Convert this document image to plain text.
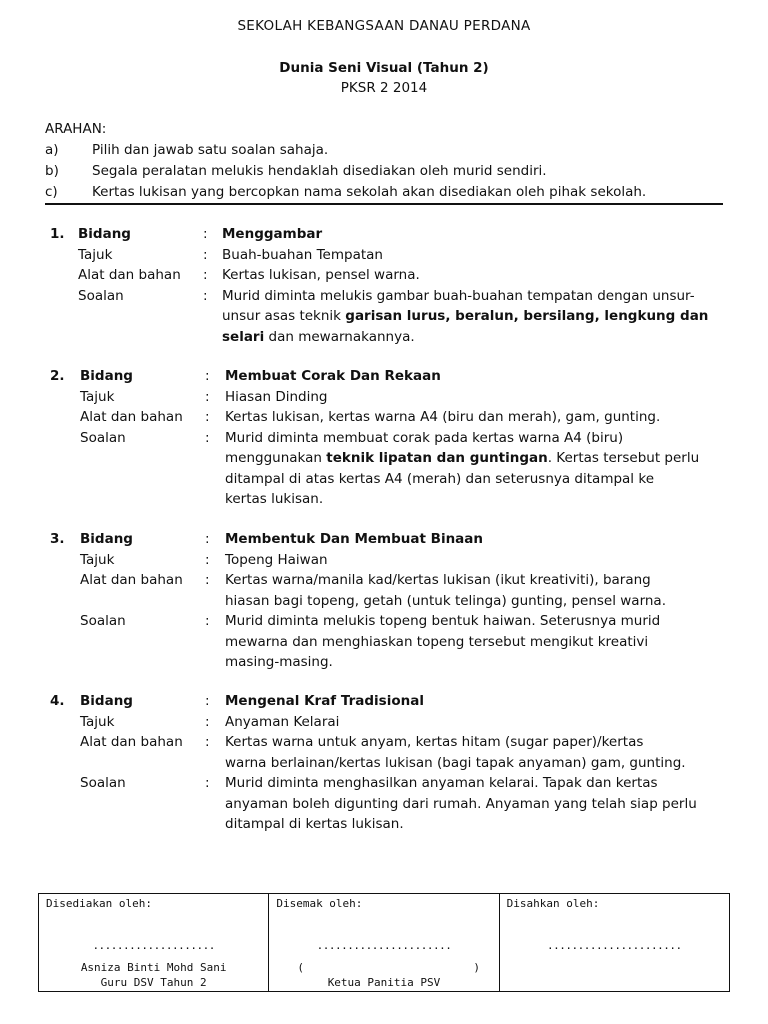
SEKOLAH KEBANGSAAN DANAU PERDANA
Dunia Seni Visual (Tahun 2)
PKSR 2 2014
ARAHAN:
a) Pilih dan jawab satu soalan sahaja.
b) Segala peralatan melukis hendaklah disediakan oleh murid sendiri.
c)	Kertas lukisan yang bercopkan nama sekolah akan disediakan oleh pihak sekolah.
1. Bidang	: Menggambar
Tajuk	: Buah-buahan Tempatan
Alat dan bahan : Kertas lukisan, pensel warna.
Soalan	: Murid diminta melukis gambar buah-buahan tempatan dengan unsur-
unsur asas teknik garisan lurus, beralun, bersilang, lengkung dan
selari dan mewarnakannya.
2. Bidang	: Membuat Corak Dan Rekaan
Tajuk	: Hiasan Dinding
Alat dan bahan : Kertas lukisan, kertas warna A4 (biru dan merah), gam, gunting.
Soalan	: Murid diminta membuat corak pada kertas warna A4 (biru)
menggunakan teknik lipatan dan guntingan. Kertas tersebut perlu
ditampal di atas kertas A4 (merah) dan seterusnya ditampal ke
kertas lukisan.
3. Bidang	: Membentuk Dan Membuat Binaan
Tajuk	: Topeng Haiwan
Alat dan bahan : Kertas warna/manila kad/kertas lukisan (ikut kreativiti), barang
hiasan bagi topeng, getah (untuk telinga) gunting, pensel warna.
Soalan	: Murid diminta melukis topeng bentuk haiwan. Seterusnya murid
mewarna dan menghiaskan topeng tersebut mengikut kreativi
masing-masing.
4. Bidang	: Mengenal Kraf Tradisional
Tajuk	: Anyaman Kelarai
Alat dan bahan : Kertas warna untuk anyam, kertas hitam (sugar paper)/kertas
warna berlainan/kertas lukisan (bagi tapak anyaman) gam, gunting.
Soalan	: Murid diminta menghasilkan anyaman kelarai. Tapak dan kertas
anyaman boleh digunting dari rumah. Anyaman yang telah siap perlu
ditampal di kertas lukisan.
Disediakan oleh:
....................
Asniza Binti Mohd Sani
Guru DSV Tahun 2
Disemak oleh:
......................
(	)
Ketua Panitia PSV
Disahkan oleh:
......................
